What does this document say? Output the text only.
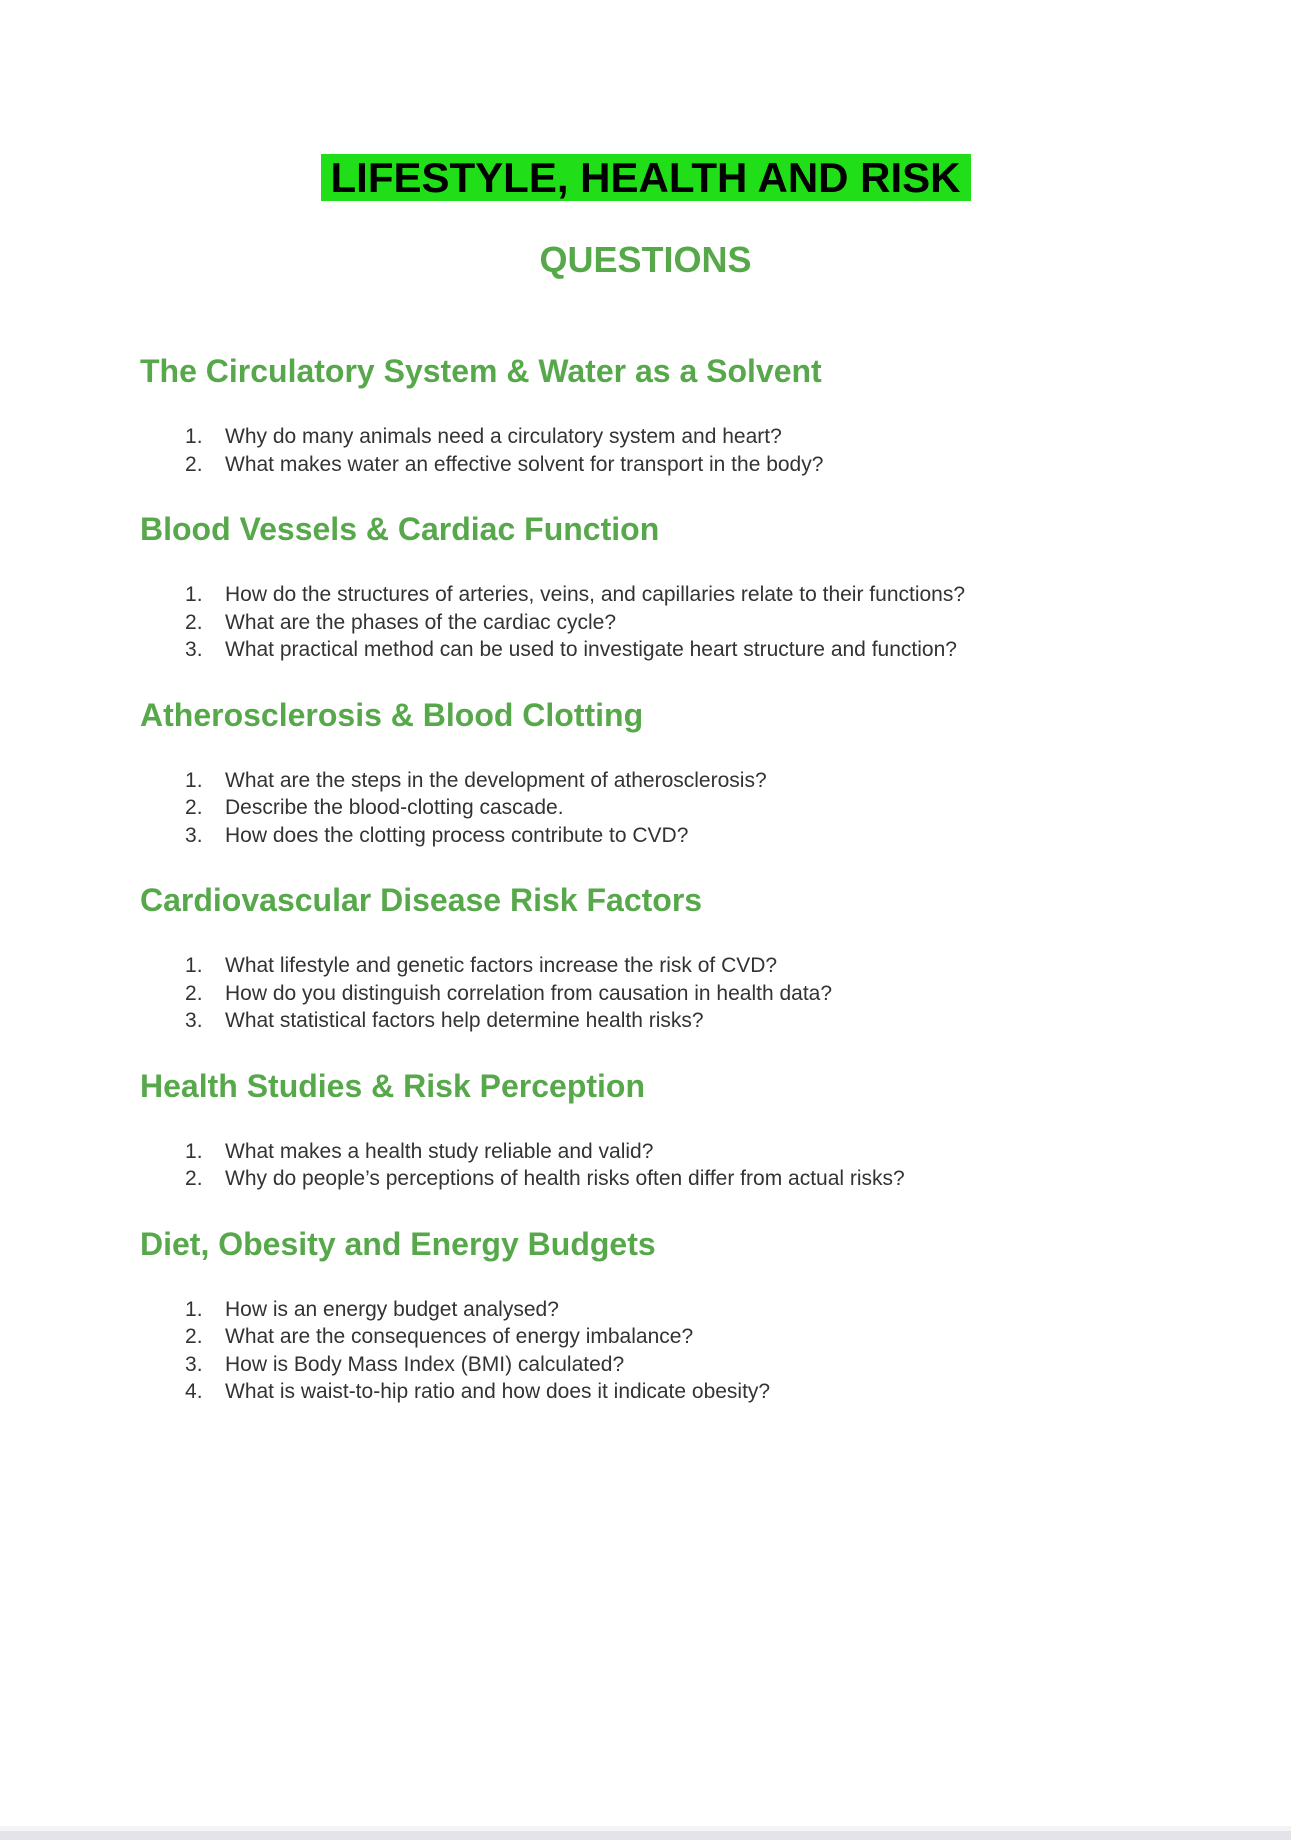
LIFESTYLE, HEALTH AND RISK
QUESTIONS
The Circulatory System & Water as a Solvent
Why do many animals need a circulatory system and heart?
What makes water an effective solvent for transport in the body?
Blood Vessels & Cardiac Function
How do the structures of arteries, veins, and capillaries relate to their functions?
What are the phases of the cardiac cycle?
What practical method can be used to investigate heart structure and function?
Atherosclerosis & Blood Clotting
What are the steps in the development of atherosclerosis?
Describe the blood-clotting cascade.
How does the clotting process contribute to CVD?
Cardiovascular Disease Risk Factors
What lifestyle and genetic factors increase the risk of CVD?
How do you distinguish correlation from causation in health data?
What statistical factors help determine health risks?
Health Studies & Risk Perception
What makes a health study reliable and valid?
Why do people’s perceptions of health risks often differ from actual risks?
Diet, Obesity and Energy Budgets
How is an energy budget analysed?
What are the consequences of energy imbalance?
How is Body Mass Index (BMI) calculated?
What is waist-to-hip ratio and how does it indicate obesity?
